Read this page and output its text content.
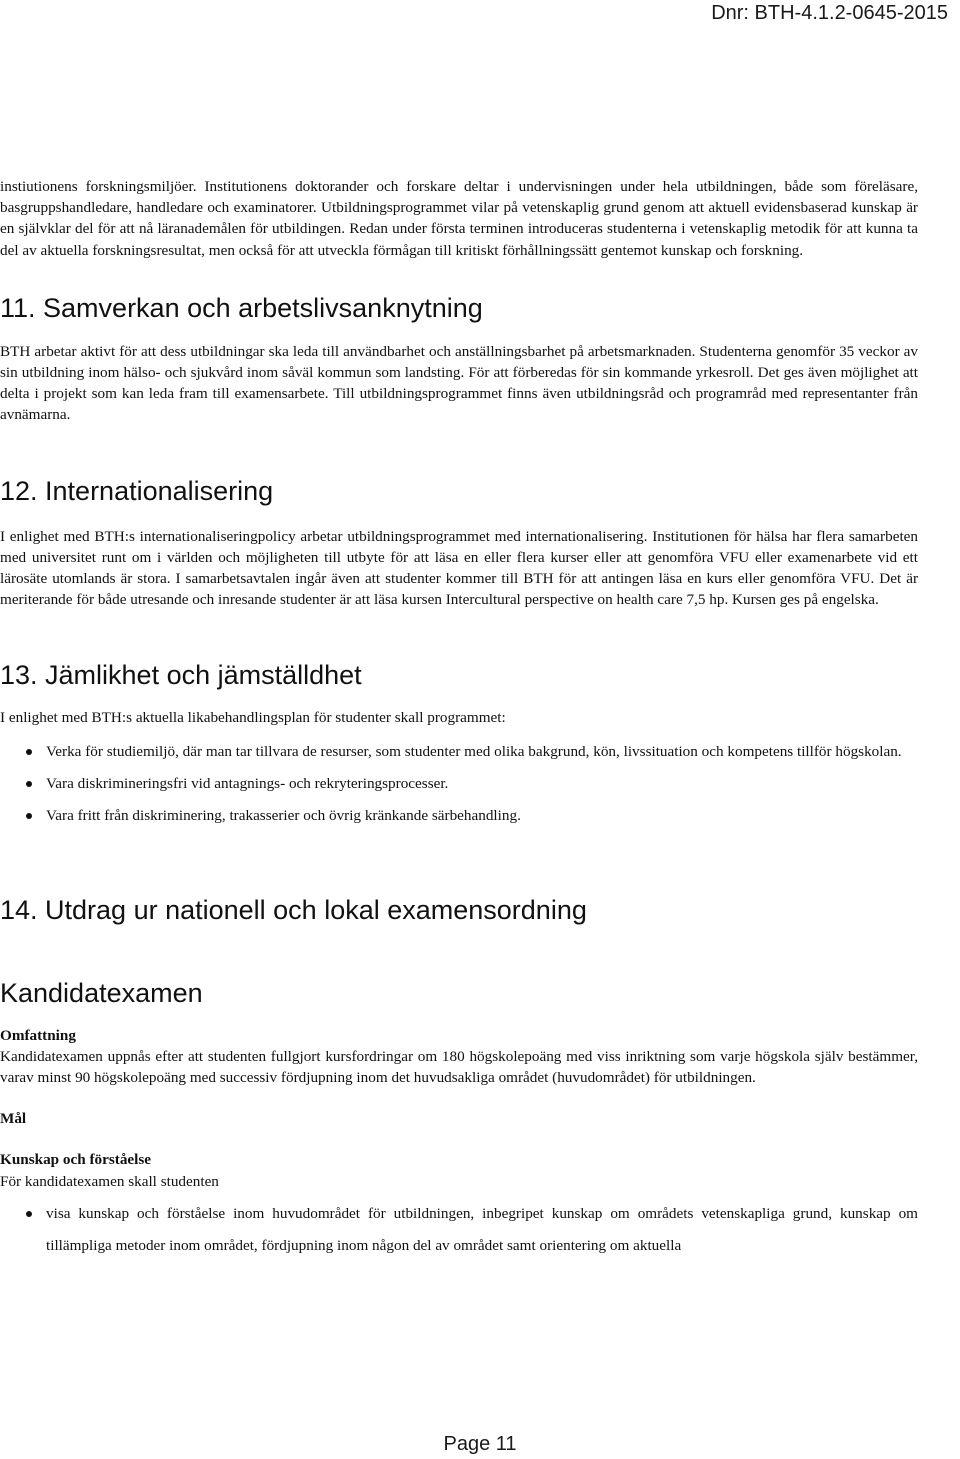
Dnr: BTH-4.1.2-0645-2015

instiutionens forskningsmiljöer. Institutionens doktorander och forskare deltar i undervisningen under hela utbildningen, både som föreläsare, basgruppshandledare, handledare och examinatorer. Utbildningsprogrammet vilar på vetenskaplig grund genom att aktuell evidensbaserad kunskap är en självklar del för att nå läranademålen för utbildingen. Redan under första terminen introduceras studenterna i vetenskaplig metodik för att kunna ta del av aktuella forskningsresultat, men också för att utveckla förmågan till kritiskt förhållningssätt gentemot kunskap och forskning.

11. Samverkan och arbetslivsanknytning

BTH arbetar aktivt för att dess utbildningar ska leda till användbarhet och anställningsbarhet på arbetsmarknaden. Studenterna genomför 35 veckor av sin utbildning inom hälso- och sjukvård inom såväl kommun som landsting. För att förberedas för sin kommande yrkesroll. Det ges även möjlighet att delta i projekt som kan leda fram till examensarbete. Till utbildningsprogrammet finns även utbildningsråd och programråd med representanter från avnämarna.

12. Internationalisering

I enlighet med BTH:s internationaliseringpolicy arbetar utbildningsprogrammet med internationalisering. Institutionen för hälsa har flera samarbeten med universitet runt om i världen och möjligheten till utbyte för att läsa en eller flera kurser eller att genomföra VFU eller examenarbete vid ett lärosäte utomlands är stora. I samarbetsavtalen ingår även att studenter kommer till BTH för att antingen läsa en kurs eller genomföra VFU. Det är meriterande för både utresande och inresande studenter är att läsa kursen Intercultural perspective on health care 7,5 hp. Kursen ges på engelska.

13. Jämlikhet och jämställdhet

I enlighet med BTH:s aktuella likabehandlingsplan för studenter skall programmet:

Verka för studiemiljö, där man tar tillvara de resurser, som studenter med olika bakgrund, kön, livssituation och kompetens tillför högskolan.
Vara diskrimineringsfri vid antagnings- och rekryteringsprocesser.
Vara fritt från diskriminering, trakasserier och övrig kränkande särbehandling.
14. Utdrag ur nationell och lokal examensordning
Kandidatexamen

Omfattning

Kandidatexamen uppnås efter att studenten fullgjort kursfordringar om 180 högskolepoäng med viss inriktning som varje högskola själv bestämmer, varav minst 90 högskolepoäng med successiv fördjupning inom det huvudsakliga området (huvudområdet) för utbildningen.

Mål

Kunskap och förståelse

För kandidatexamen skall studenten

visa kunskap och förståelse inom huvudområdet för utbildningen, inbegripet kunskap om områdets vetenskapliga grund, kunskap om tillämpliga metoder inom området, fördjupning inom någon del av området samt orientering om aktuella
Page 11
